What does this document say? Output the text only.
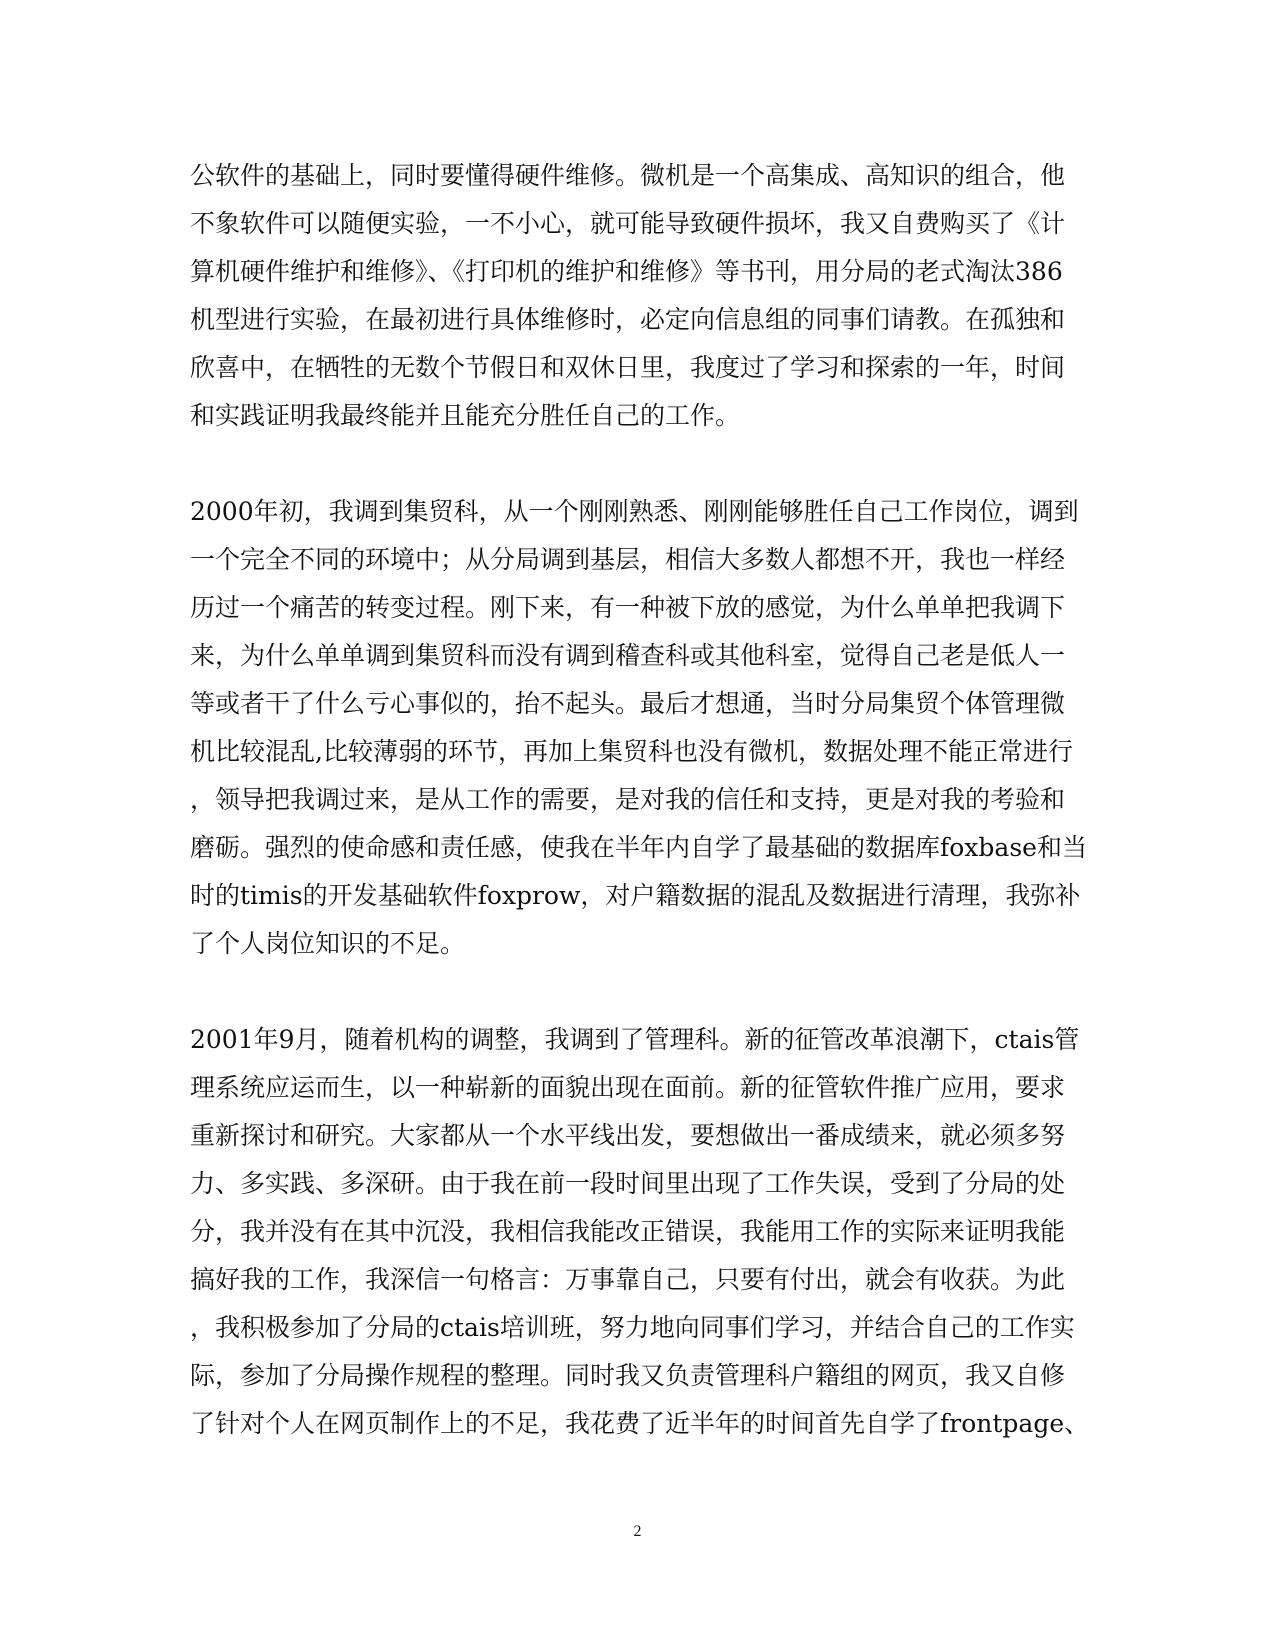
公软件的基础上，同时要懂得硬件维修。微机是一个高集成、高知识的组合，他
不象软件可以随便实验，一不小心，就可能导致硬件损坏，我又自费购买了《计
算机硬件维护和维修》、《打印机的维护和维修》等书刊，用分局的老式淘汰386
机型进行实验，在最初进行具体维修时，必定向信息组的同事们请教。在孤独和
欣喜中，在牺牲的无数个节假日和双休日里，我度过了学习和探索的一年，时间
和实践证明我最终能并且能充分胜任自己的工作。
2000年初，我调到集贸科，从一个刚刚熟悉、刚刚能够胜任自己工作岗位，调到
一个完全不同的环境中；从分局调到基层，相信大多数人都想不开，我也一样经
历过一个痛苦的转变过程。刚下来，有一种被下放的感觉，为什么单单把我调下
来，为什么单单调到集贸科而没有调到稽查科或其他科室，觉得自己老是低人一
等或者干了什么亏心事似的，抬不起头。最后才想通，当时分局集贸个体管理微
机比较混乱,比较薄弱的环节，再加上集贸科也没有微机，数据处理不能正常进行
，领导把我调过来，是从工作的需要，是对我的信任和支持，更是对我的考验和
磨砺。强烈的使命感和责任感，使我在半年内自学了最基础的数据库foxbase和当
时的timis的开发基础软件foxprow，对户籍数据的混乱及数据进行清理，我弥补
了个人岗位知识的不足。
2001年9月，随着机构的调整，我调到了管理科。新的征管改革浪潮下，ctais管
理系统应运而生，以一种崭新的面貌出现在面前。新的征管软件推广应用，要求
重新探讨和研究。大家都从一个水平线出发，要想做出一番成绩来，就必须多努
力、多实践、多深研。由于我在前一段时间里出现了工作失误，受到了分局的处
分，我并没有在其中沉没，我相信我能改正错误，我能用工作的实际来证明我能
搞好我的工作，我深信一句格言：万事靠自己，只要有付出，就会有收获。为此
，我积极参加了分局的ctais培训班，努力地向同事们学习，并结合自己的工作实
际，参加了分局操作规程的整理。同时我又负责管理科户籍组的网页，我又自修
了针对个人在网页制作上的不足，我花费了近半年的时间首先自学了frontpage、
2
